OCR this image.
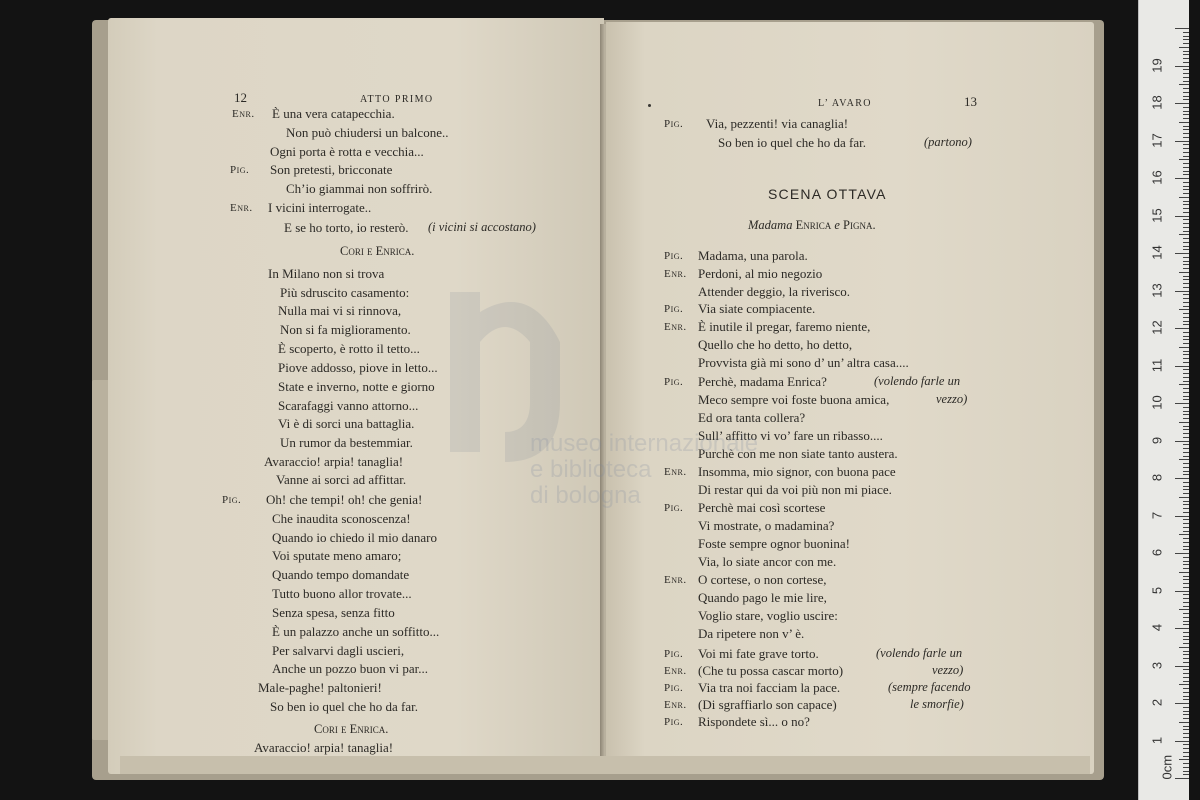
12	ATTO PRIMO
Enr. È una vera catapecchia.
Non può chiudersi un balcone..
Ogni porta è rotta e vecchia...
Pig. Son pretesti, bricconate
Ch’io giammai non soffrirò.
Enr. I vicini interrogate..
E se ho torto, io resterò. (i vicini si accostano)
Cori e Enrica.
In Milano non si trova
Più sdruscito casamento:
Nulla mai vi si rinnova,
Non si fa miglioramento.
È scoperto, è rotto il tetto...
Piove addosso, piove in letto...
State e inverno, notte e giorno
Scarafaggi vanno attorno...
Vi è di sorci una battaglia.
Un rumor da bestemmiar.
Avaraccio! arpia! tanaglia!
Vanne ai sorci ad affittar.
Pig. Oh! che tempi! oh! che genia!
Che inaudita sconoscenza!
Quando io chiedo il mio danaro
Voi sputate meno amaro;
Quando tempo domandate
Tutto buono allor trovate...
Senza spesa, senza fitto
È un palazzo anche un soffitto...
Per salvarvi dagli uscieri,
Anche un pozzo buon vi par...
Male-paghe! paltonieri!
So ben io quel che ho da far.
Cori e Enrica.
Avaraccio! arpia! tanaglia!
L’ AVARO	13
Pig. Via, pezzenti! via canaglia!
So ben io quel che ho da far.	(partono)
SCENA OTTAVA
Madama Enrica e Pigna.
Pig. Madama, una parola.
Enr. Perdoni, al mio negozio
Attender deggio, la riverisco.
Pig. Via siate compiacente.
Enr. È inutile il pregar, faremo niente,
Quello che ho detto, ho detto,
Provvista già mi sono d’ un’ altra casa....
Pig. Perchè, madama Enrica?	(volendo farle un
Meco sempre voi foste buona amica,	vezzo)
Ed ora tanta collera?
Sull’ affitto vi vo’ fare un ribasso....
Purchè con me non siate tanto austera.
Enr. Insomma, mio signor, con buona pace
Di restar qui da voi più non mi piace.
Pig. Perchè mai così scortese
Vi mostrate, o madamina?
Foste sempre ognor buonina!
Via, lo siate ancor con me.
Enr. O cortese, o non cortese,
Quando pago le mie lire,
Voglio stare, voglio uscire:
Da ripetere non v’ è.
Pig. Voi mi fate grave torto.	(volendo farle un
Enr. (Che tu possa cascar morto)	vezzo)
Pig. Via tra noi facciam la pace.	(sempre facendo
Enr. (Di sgraffiarlo son capace)	le smorfie)
Pig. Rispondete sì... o no?
museo internazionale
e biblioteca
di bologna
1
2
3
4
5
6
7
8
9
10
11
12
13
14
15
16
17
18
19
0cm
